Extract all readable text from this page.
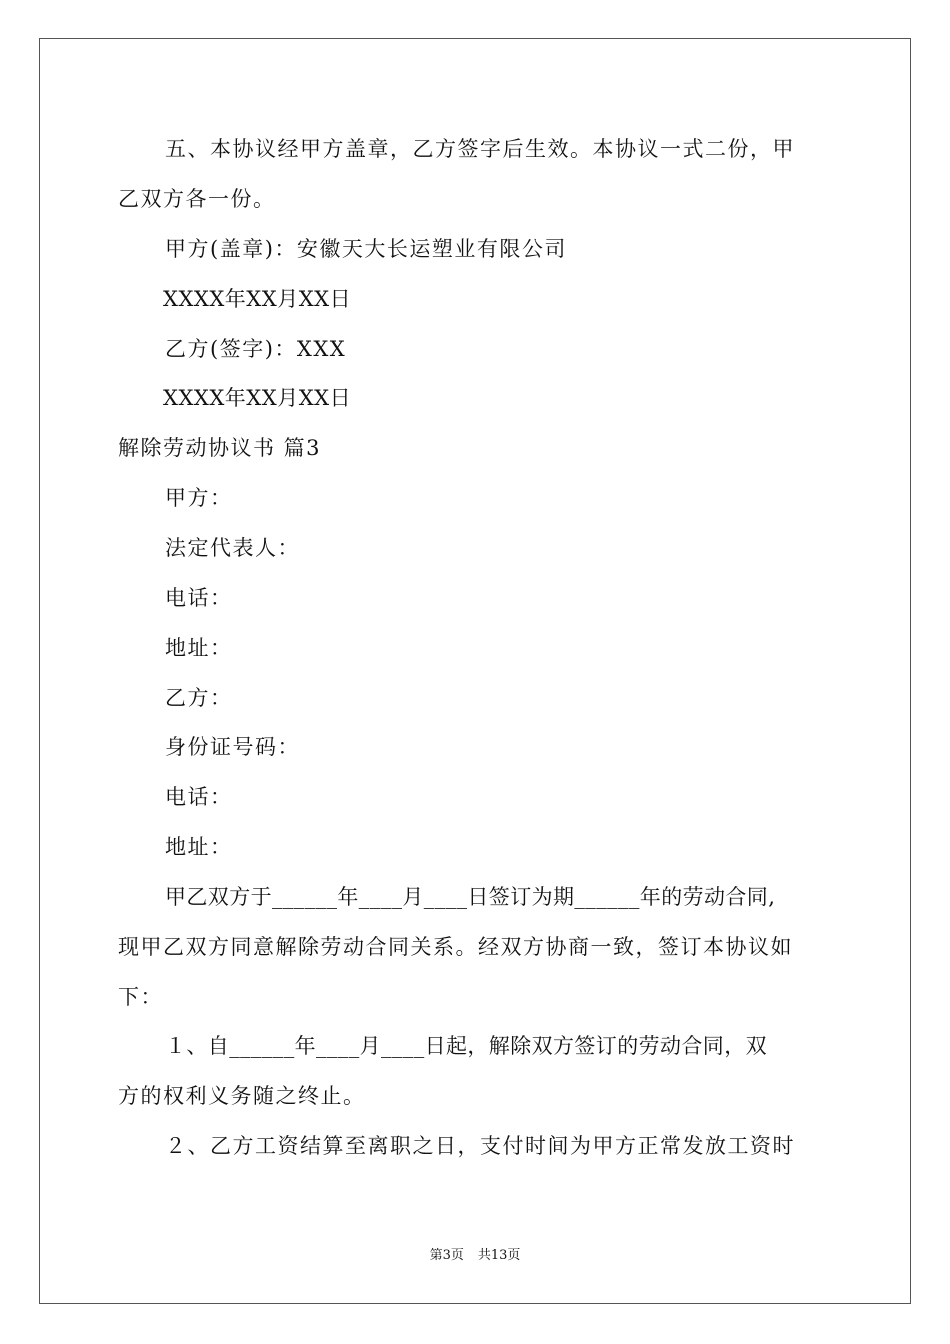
五、本协议经甲方盖章，乙方签字后生效。本协议一式二份，甲
乙双方各一份。
甲方(盖章)：安徽天大长运塑业有限公司
XXXX年XX月XX日
乙方(签字)：XXX
XXXX年XX月XX日
解除劳动协议书 篇3
甲方：
法定代表人：
电话：
地址：
乙方：
身份证号码：
电话：
地址：
甲乙双方于______年____月____日签订为期______年的劳动合同,
现甲乙双方同意解除劳动合同关系。经双方协商一致，签订本协议如
下：
１、自______年____月____日起，解除双方签订的劳动合同，双
方的权利义务随之终止。
２、乙方工资结算至离职之日，支付时间为甲方正常发放工资时
第3页 共13页
